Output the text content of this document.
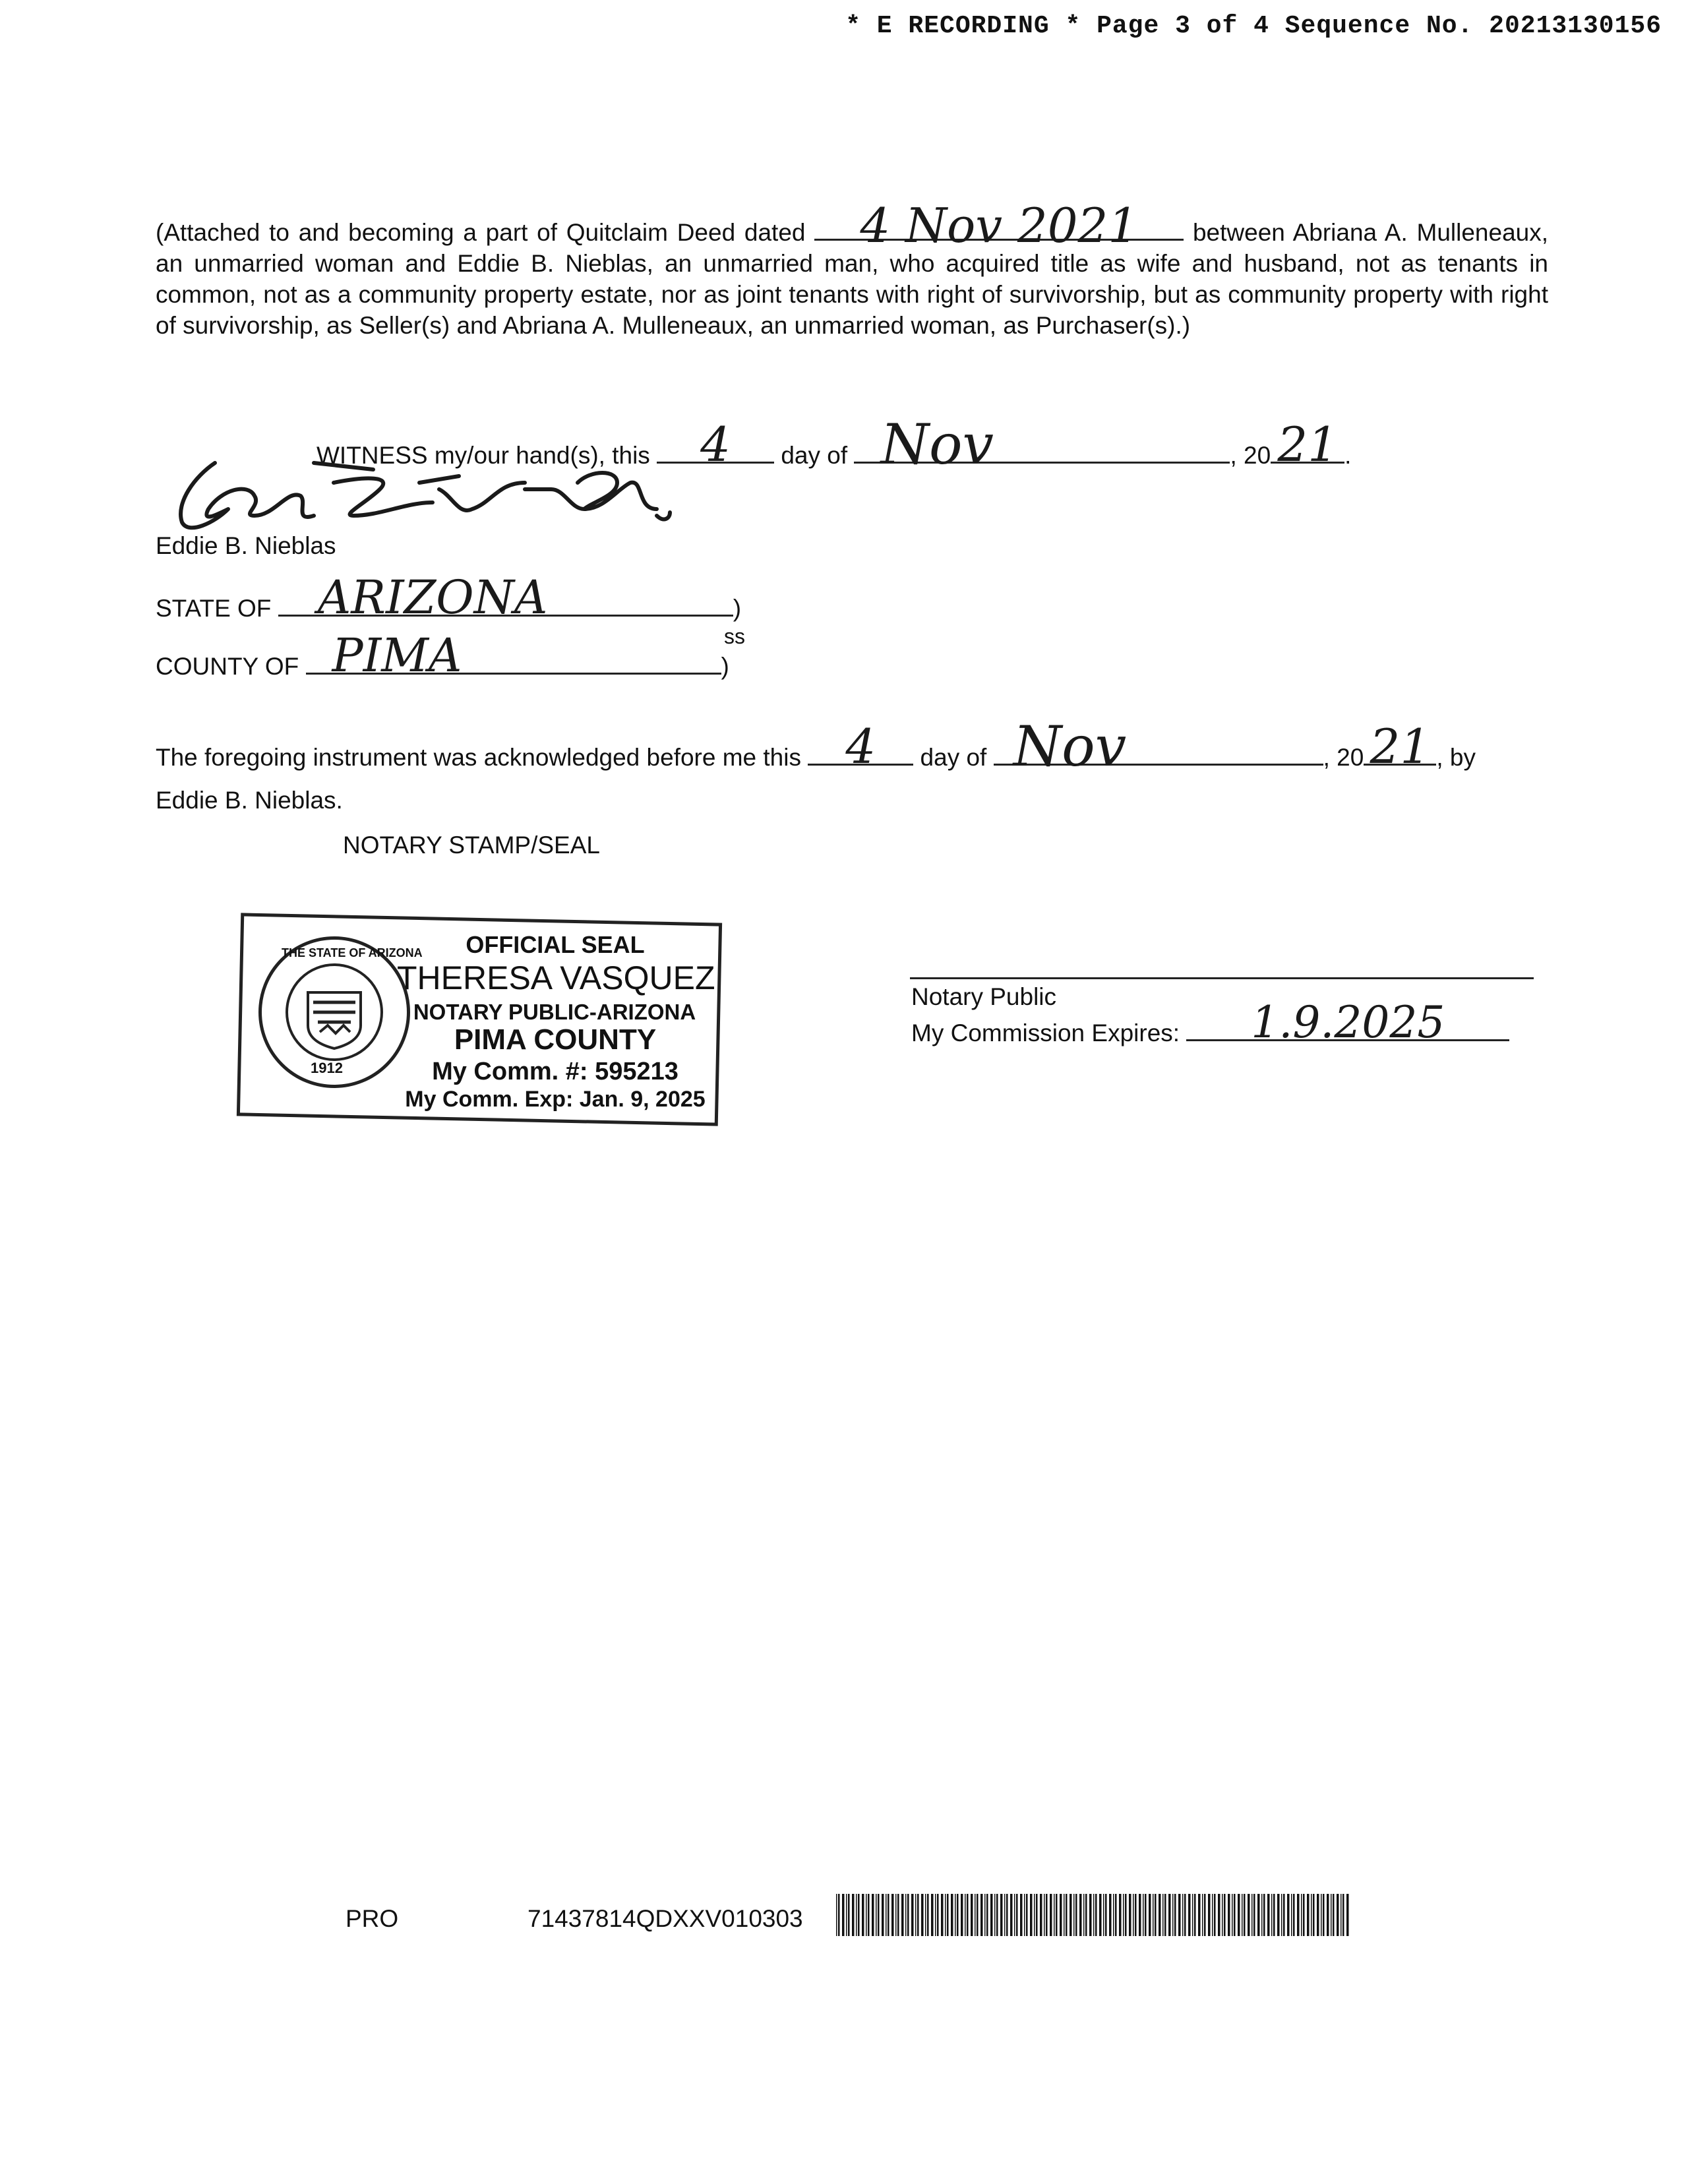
* E RECORDING * Page 3 of 4 Sequence No. 20213130156
(Attached to and becoming a part of Quitclaim Deed dated	4 Nov 2021	between Abriana A. Mulleneaux, an unmarried woman and Eddie B. Nieblas, an unmarried man, who acquired title as wife and husband, not as tenants in common, not as a community property estate, nor as joint tenants with right of survivorship, but as community property with right of survivorship, as Seller(s) and Abriana A. Mulleneaux, an unmarried woman, as Purchaser(s).)
WITNESS my/our hand(s), this	4	day of Nov	, 20 21 .
Eddie B. Nieblas
STATE OF ARIZONA	)
ss
COUNTY OF PIMA	)
The foregoing instrument was acknowledged before me this 4	day of Nov	, 20 21 , by
Eddie B. Nieblas.
NOTARY STAMP/SEAL
1912
THE STATE OF ARIZONA	OFFICIAL SEAL
THERESA VASQUEZ
NOTARY PUBLIC-ARIZONA
PIMA COUNTY
My Comm. #: 595213
My Comm. Exp: Jan. 9, 2025
Notary Public
My Commission Expires:	1.9.2025
PRO	71437814QDXXV010303
